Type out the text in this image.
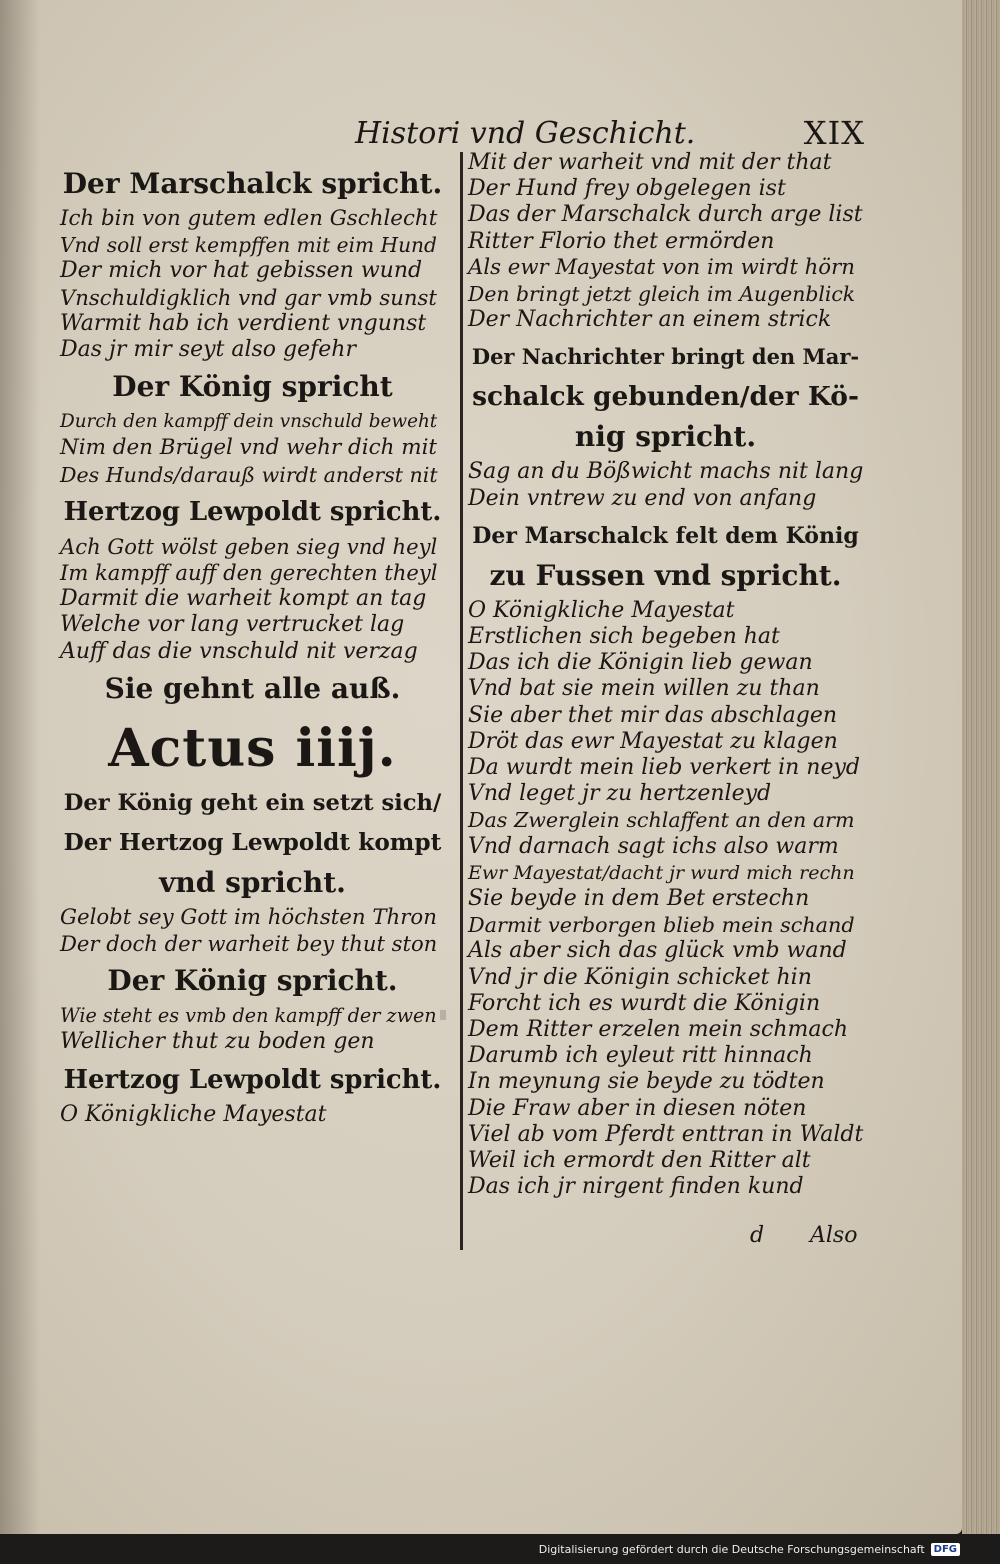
Histori vnd Geschicht.	XIX
Der Marschalck spricht.
Ich bin von gutem edlen Gschlecht
Vnd soll erst kempffen mit eim Hund
Der mich vor hat gebissen wund
Vnschuldigklich vnd gar vmb sunst
Warmit hab ich verdient vngunst
Das jr mir seyt also gefehr
Der König spricht
Durch den kampff dein vnschuld beweht
Nim den Brügel vnd wehr dich mit
Des Hunds/darauß wirdt anderst nit
Hertzog Lewpoldt spricht.
Ach Gott wölst geben sieg vnd heyl
Im kampff auff den gerechten theyl
Darmit die warheit kompt an tag
Welche vor lang vertrucket lag
Auff das die vnschuld nit verzag
Sie gehnt alle auß.
Actus iiij.
Der König geht ein setzt sich/
Der Hertzog Lewpoldt kompt
vnd spricht.
Gelobt sey Gott im höchsten Thron
Der doch der warheit bey thut ston
Der König spricht.
Wie steht es vmb den kampff der zwen
Wellicher thut zu boden gen
Hertzog Lewpoldt spricht.
O Königkliche Mayestat
Mit der warheit vnd mit der that
Der Hund frey obgelegen ist
Das der Marschalck durch arge list
Ritter Florio thet ermörden
Als ewr Mayestat von im wirdt hörn
Den bringt jetzt gleich im Augenblick
Der Nachrichter an einem strick
Der Nachrichter bringt den Mar-
schalck gebunden/der Kö-
nig spricht.
Sag an du Bößwicht machs nit lang
Dein vntrew zu end von anfang
Der Marschalck felt dem König
zu Fussen vnd spricht.
O Königkliche Mayestat
Erstlichen sich begeben hat
Das ich die Königin lieb gewan
Vnd bat sie mein willen zu than
Sie aber thet mir das abschlagen
Dröt das ewr Mayestat zu klagen
Da wurdt mein lieb verkert in neyd
Vnd leget jr zu hertzenleyd
Das Zwerglein schlaffent an den arm
Vnd darnach sagt ichs also warm
Ewr Mayestat/dacht jr wurd mich rechn
Sie beyde in dem Bet erstechn
Darmit verborgen blieb mein schand
Als aber sich das glück vmb wand
Vnd jr die Königin schicket hin
Forcht ich es wurdt die Königin
Dem Ritter erzelen mein schmach
Darumb ich eyleut ritt hinnach
In meynung sie beyde zu tödten
Die Fraw aber in diesen nöten
Viel ab vom Pferdt enttran in Waldt
Weil ich ermordt den Ritter alt
Das ich jr nirgent finden kund
d Also
Digitalisierung gefördert durch die Deutsche Forschungsgemeinschaft DFG
